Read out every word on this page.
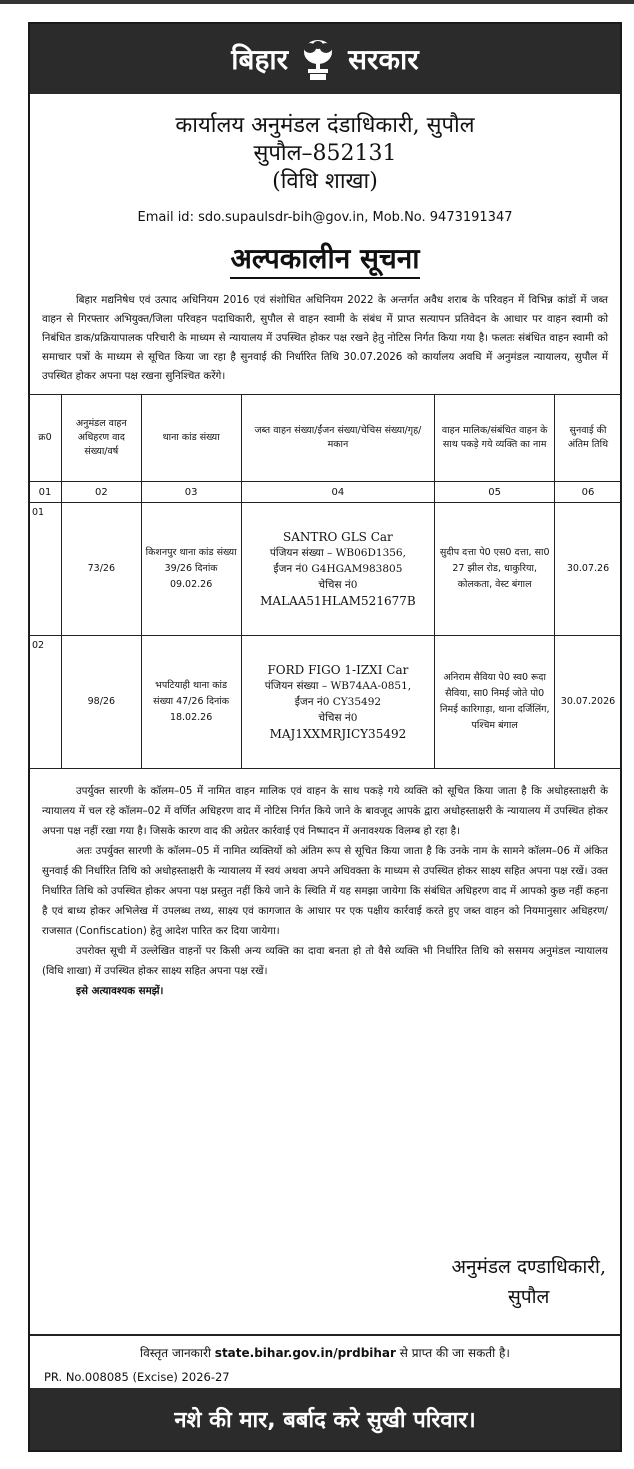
बिहार सरकार
कार्यालय अनुमंडल दंडाधिकारी, सुपौल
सुपौल–852131
(विधि शाखा)
Email id: sdo.supaulsdr-bih@gov.in, Mob.No. 9473191347
अल्पकालीन सूचना

बिहार मद्यनिषेध एवं उत्पाद अधिनियम 2016 एवं संशोधित अधिनियम 2022 के अन्तर्गत अवैध शराब के परिवहन में विभिन्न कांडों में जब्त वाहन से गिरफ्तार अभियुक्त/जिला परिवहन पदाधिकारी, सुपौल से वाहन स्वामी के संबंध में प्राप्त सत्यापन प्रतिवेदन के आधार पर वाहन स्वामी को निबंधित डाक/प्रक्रियापालक परिचारी के माध्यम से न्यायालय में उपस्थित होकर पक्ष रखने हेतु नोटिस निर्गत किया गया है। फलतः संबंधित वाहन स्वामी को समाचार पत्रों के माध्यम से सूचित किया जा रहा है सुनवाई की निर्धारित तिथि 30.07.2026 को कार्यालय अवधि में अनुमंडल न्यायालय, सुपौल में उपस्थित होकर अपना पक्ष रखना सुनिश्चित करेंगे।

क्र0	अनुमंडल वाहन अधिहरण वाद संख्या/वर्ष	थाना कांड संख्या	जब्त वाहन संख्या/ईंजन संख्या/चेचिस संख्या/गृह/मकान	वाहन मालिक/संबंधित वाहन के साथ पकड़े गये व्यक्ति का नाम	सुनवाई की अंतिम तिथि
01	02	03	04	05	06
01	73/26	किशनपुर थाना कांड संख्या 39/26 दिनांक 09.02.26	SANTRO GLS Car
पंजियन संख्या – WB06D1356,
ईंजन नं0 G4HGAM983805
चेचिस नं0
MALAA51HLAM521677B	सुदीप दत्ता पे0 एस0 दत्ता, सा0 27 झील रोड, धाकुरिया, कोलकता, वेस्ट बंगाल	30.07.26
02	98/26	भपटियाही थाना कांड संख्या 47/26 दिनांक 18.02.26	FORD FIGO 1-IZXI Car
पंजियन संख्या – WB74AA-0851,
ईंजन नं0 CY35492
चेचिस नं0
MAJ1XXMRJICY35492	अनिराम सैविया पे0 स्व0 रूदा सैविया, सा0 निमई जोते पो0 निमई कारिगाड़ा, थाना दर्जिलिंग, पश्चिम बंगाल	30.07.2026

उपर्युक्त सारणी के कॉलम–05 में नामित वाहन मालिक एवं वाहन के साथ पकड़े गये व्यक्ति को सूचित किया जाता है कि अधोहस्ताक्षरी के न्यायालय में चल रहे कॉलम–02 में वर्णित अधिहरण वाद में नोटिस निर्गत किये जाने के बावजूद आपके द्वारा अधोहस्ताक्षरी के न्यायालय में उपस्थित होकर अपना पक्ष नहीं रखा गया है। जिसके कारण वाद की अग्रेतर कार्रवाई एवं निष्पादन में अनावश्यक विलम्ब हो रहा है।

अतः उपर्युक्त सारणी के कॉलम–05 में नामित व्यक्तियों को अंतिम रूप से सूचित किया जाता है कि उनके नाम के सामने कॉलम–06 में अंकित सुनवाई की निर्धारित तिथि को अधोहस्ताक्षरी के न्यायालय में स्वयं अथवा अपने अधिवक्ता के माध्यम से उपस्थित होकर साक्ष्य सहित अपना पक्ष रखें। उक्त निर्धारित तिथि को उपस्थित होकर अपना पक्ष प्रस्तुत नहीं किये जाने के स्थिति में यह समझा जायेगा कि संबंधित अधिहरण वाद में आपको कुछ नहीं कहना है एवं बाध्य होकर अभिलेख में उपलब्ध तथ्य, साक्ष्य एवं कागजात के आधार पर एक पक्षीय कार्रवाई करते हुए जब्त वाहन को नियमानुसार अधिहरण/राजसात (Confiscation) हेतु आदेश पारित कर दिया जायेगा।

उपरोक्त सूची में उल्लेखित वाहनों पर किसी अन्य व्यक्ति का दावा बनता हो तो वैसे व्यक्ति भी निर्धारित तिथि को ससमय अनुमंडल न्यायालय (विधि शाखा) में उपस्थित होकर साक्ष्य सहित अपना पक्ष रखें।

इसे अत्यावश्यक समझें।

अनुमंडल दण्डाधिकारी,
सुपौल
विस्तृत जानकारी state.bihar.gov.in/prdbihar से प्राप्त की जा सकती है।
PR. No.008085 (Excise) 2026-27
नशे की मार, बर्बाद करे सुखी परिवार।
